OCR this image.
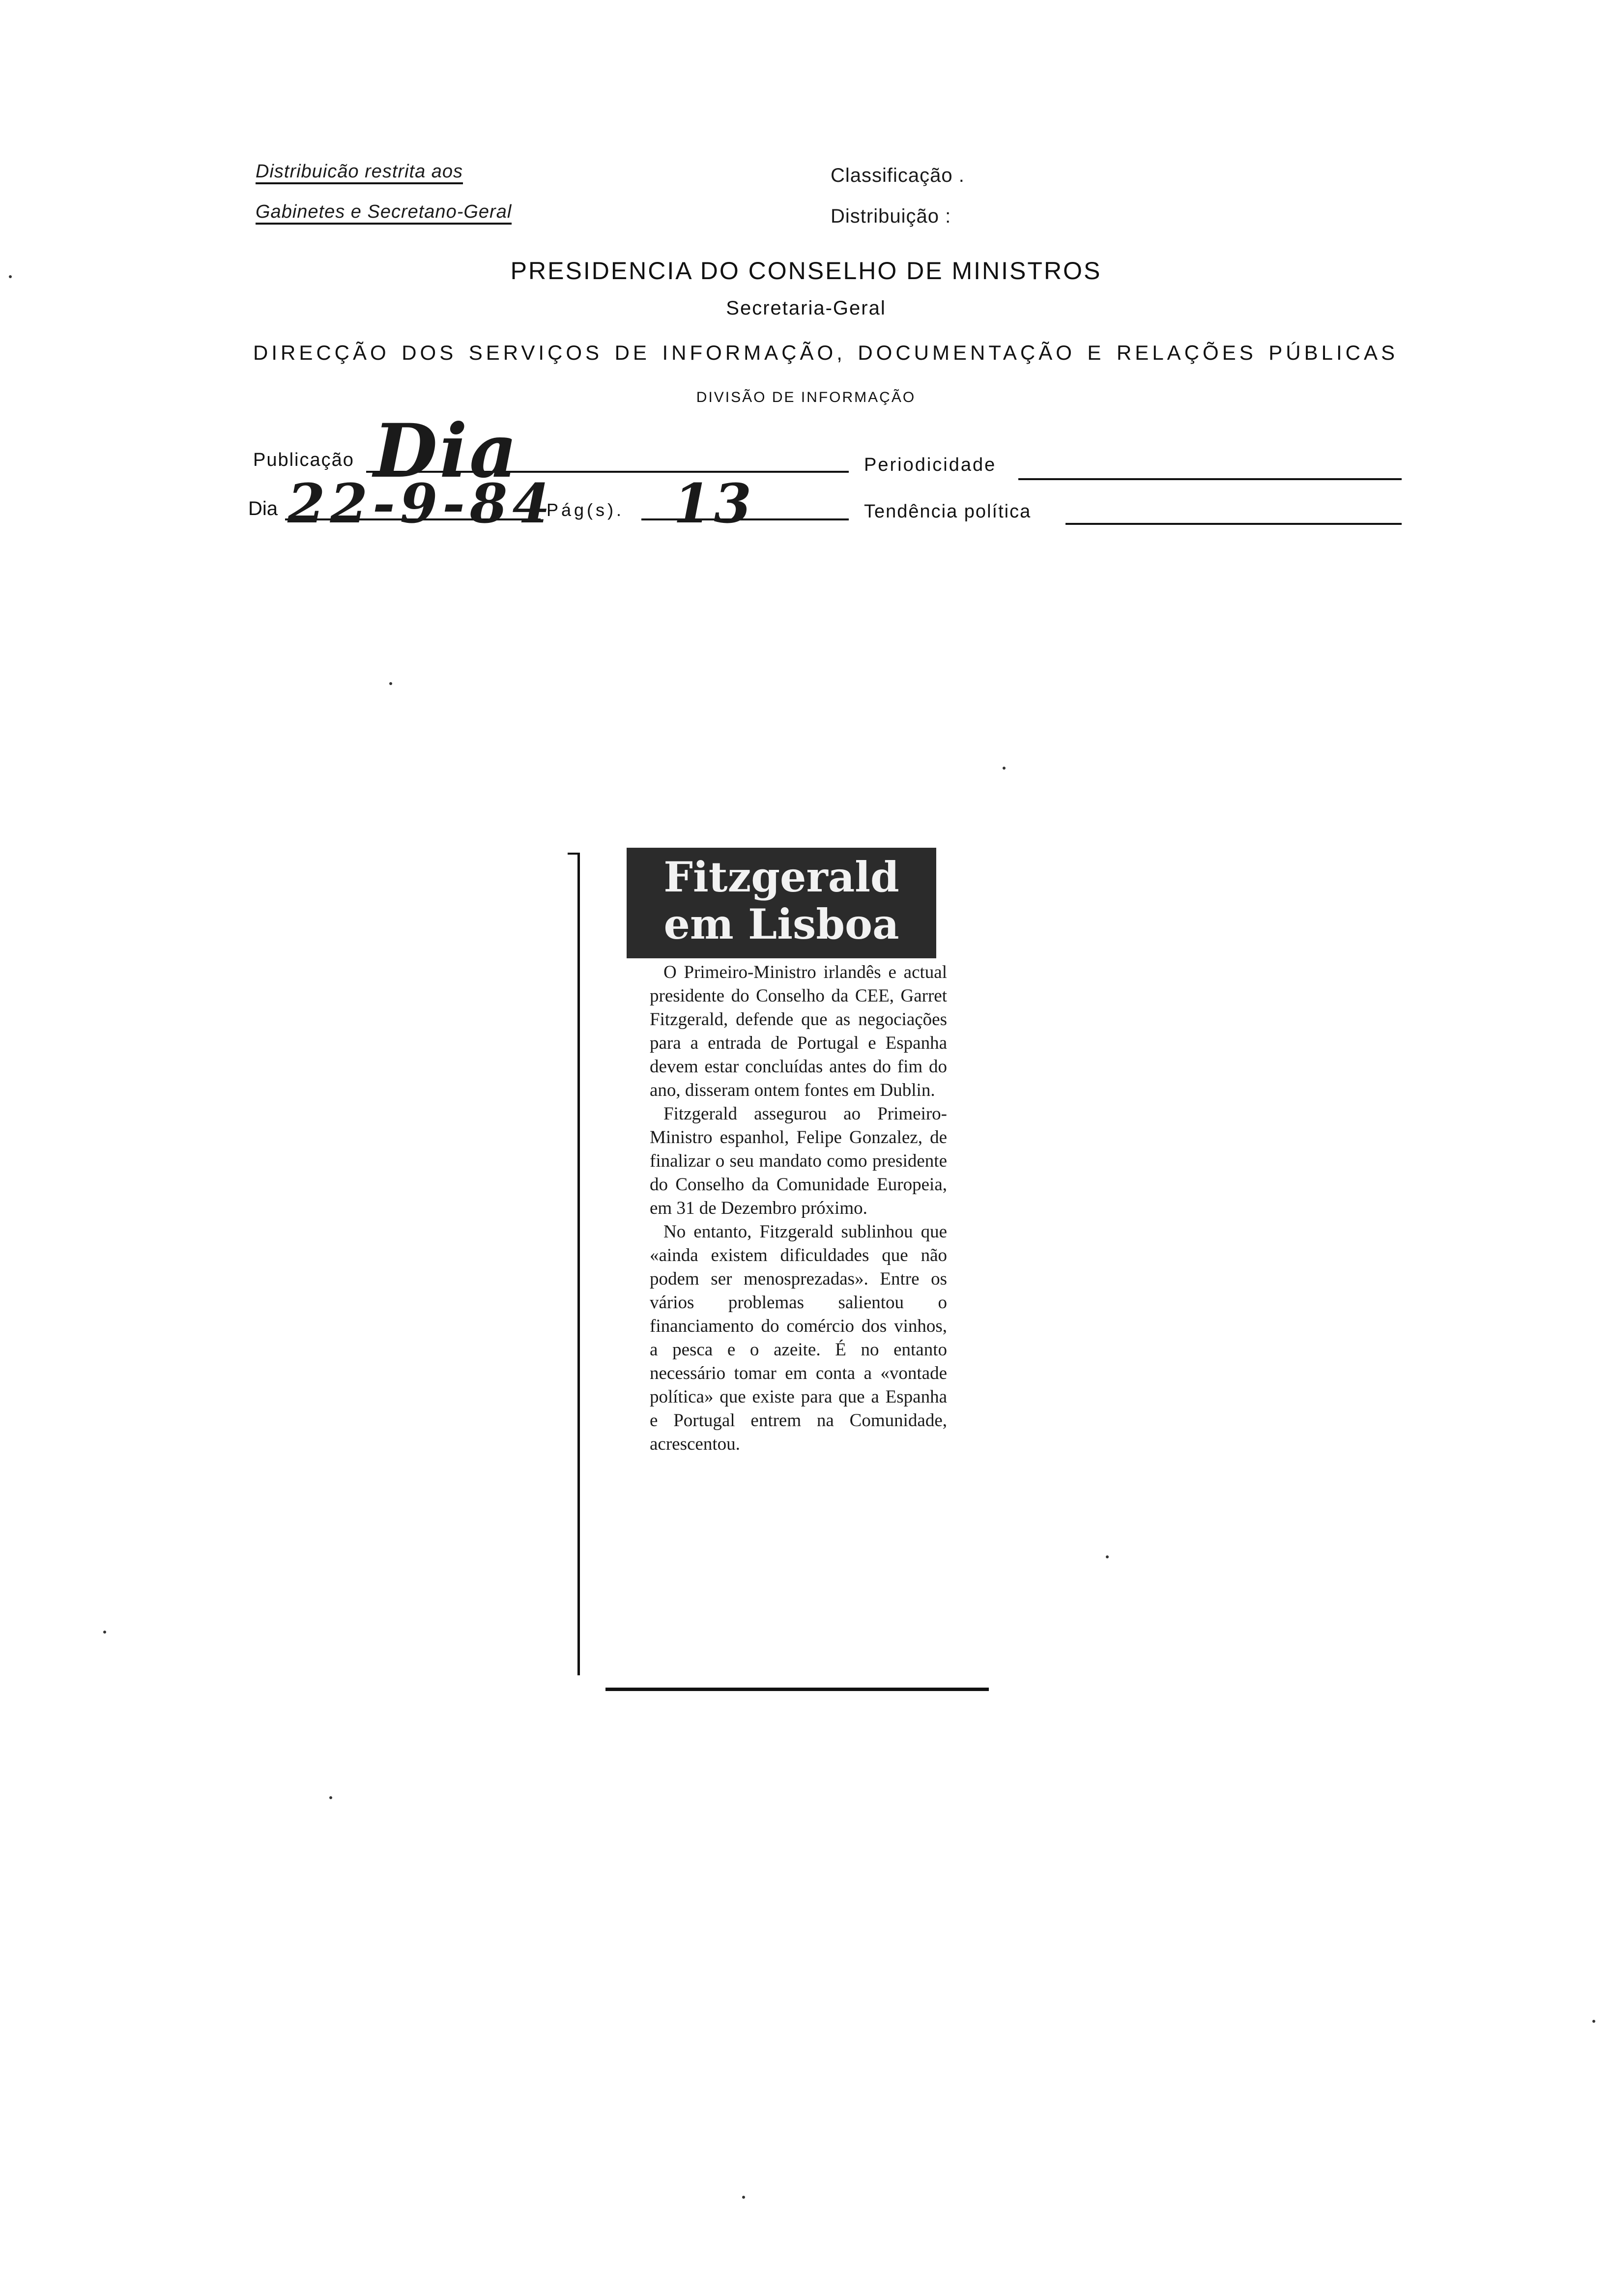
Distribuicão restrita aos
Gabinetes e Secretano-Geral
Classificação .
Distribuição :
PRESIDENCIA DO CONSELHO DE MINISTROS
Secretaria-Geral
DIRECÇÃO DOS SERVIÇOS DE INFORMAÇÃO, DOCUMENTAÇÃO E RELAÇÕES PÚBLICAS
DIVISÃO DE INFORMAÇÃO
Publicação Dia	Periodicidade
Dia 22-9-84
Pág(s). 13	Tendência política
Fitzgerald
em Lisboa

O Primeiro-Ministro irlandês e actual presidente do Conselho da CEE, Garret Fitzgerald, defende que as negociações para a entrada de Portugal e Espanha devem estar concluídas antes do fim do ano, disseram ontem fontes em Dublin.

Fitzgerald assegurou ao Primeiro-Ministro espanhol, Felipe Gonzalez, de finalizar o seu mandato como presidente do Conselho da Comunidade Europeia, em 31 de Dezembro próximo.

No entanto, Fitzgerald sublinhou que «ainda existem dificuldades que não podem ser menosprezadas». Entre os vários problemas salientou o financiamento do comércio dos vinhos, a pesca e o azeite. É no entanto necessário tomar em conta a «vontade política» que existe para que a Espanha e Portugal entrem na Comunidade, acrescentou.
